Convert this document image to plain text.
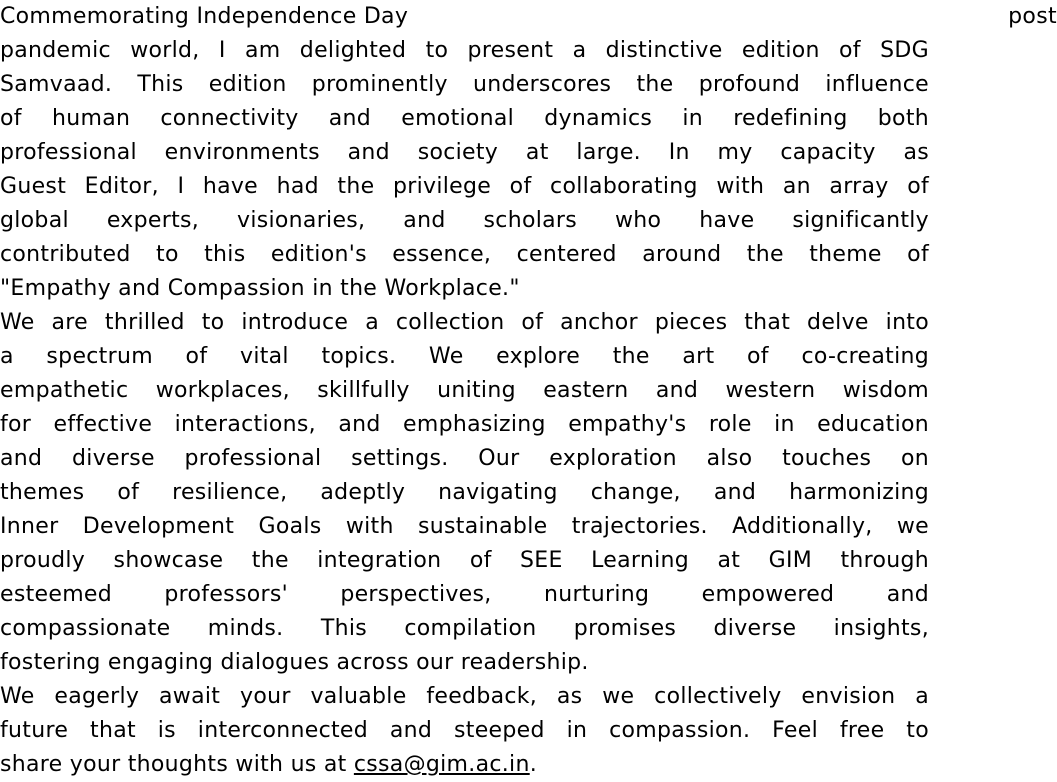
Commemorating Independence Day	post
pandemic world, I am delighted to present a distinctive edition of SDG
Samvaad. This edition prominently underscores the profound influence
of human connectivity and emotional dynamics in redefining both
professional environments and society at large. In my capacity as
Guest Editor, I have had the privilege of collaborating with an array of
global experts, visionaries, and scholars who have significantly
contributed to this edition's essence, centered around the theme of
"Empathy and Compassion in the Workplace."
We are thrilled to introduce a collection of anchor pieces that delve into
a spectrum of vital topics. We explore the art of co-creating
empathetic workplaces, skillfully uniting eastern and western wisdom
for effective interactions, and emphasizing empathy's role in education
and diverse professional settings. Our exploration also touches on
themes of resilience, adeptly navigating change, and harmonizing
Inner Development Goals with sustainable trajectories. Additionally, we
proudly showcase the integration of SEE Learning at GIM through
esteemed professors' perspectives, nurturing empowered and
compassionate minds. This compilation promises diverse insights,
fostering engaging dialogues across our readership.
We eagerly await your valuable feedback, as we collectively envision a
future that is interconnected and steeped in compassion. Feel free to
share your thoughts with us at cssa@gim.ac.in.
